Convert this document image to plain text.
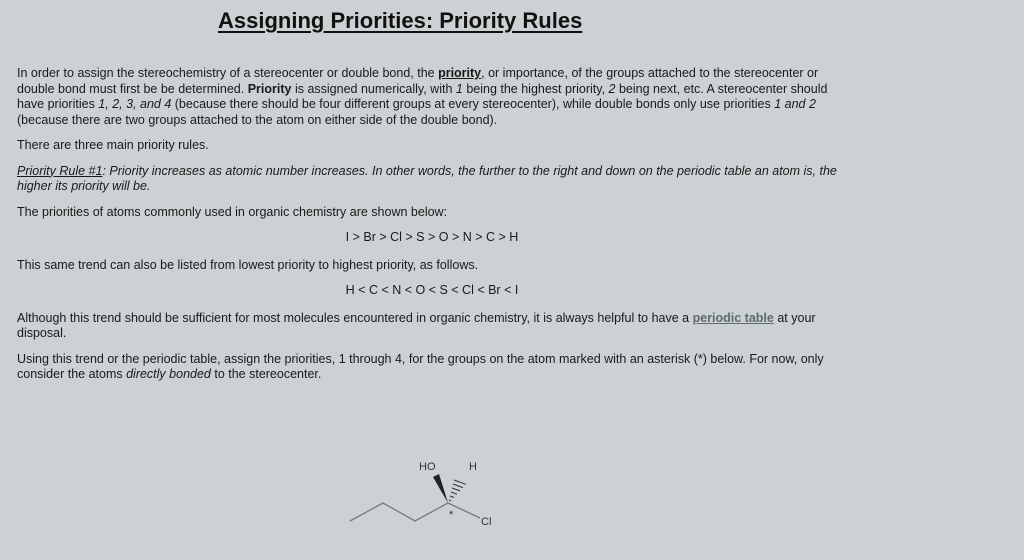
Assigning Priorities: Priority Rules

In order to assign the stereochemistry of a stereocenter or double bond, the priority, or importance, of the groups attached to the stereocenter or double bond must first be be determined. Priority is assigned numerically, with 1 being the highest priority, 2 being next, etc. A stereocenter should have priorities 1, 2, 3, and 4 (because there should be four different groups at every stereocenter), while double bonds only use priorities 1 and 2 (because there are two groups attached to the atom on either side of the double bond).

There are three main priority rules.

Priority Rule #1: Priority increases as atomic number increases. In other words, the further to the right and down on the periodic table an atom is, the higher its priority will be.

The priorities of atoms commonly used in organic chemistry are shown below:

I > Br > Cl > S > O > N > C > H

This same trend can also be listed from lowest priority to highest priority, as follows.

H < C < N < O < S < Cl < Br < I

Although this trend should be sufficient for most molecules encountered in organic chemistry, it is always helpful to have a periodic table at your disposal.

Using this trend or the periodic table, assign the priorities, 1 through 4, for the groups on the atom marked with an asterisk (*) below. For now, only consider the atoms directly bonded to the stereocenter.

HO	H
Cl
*
